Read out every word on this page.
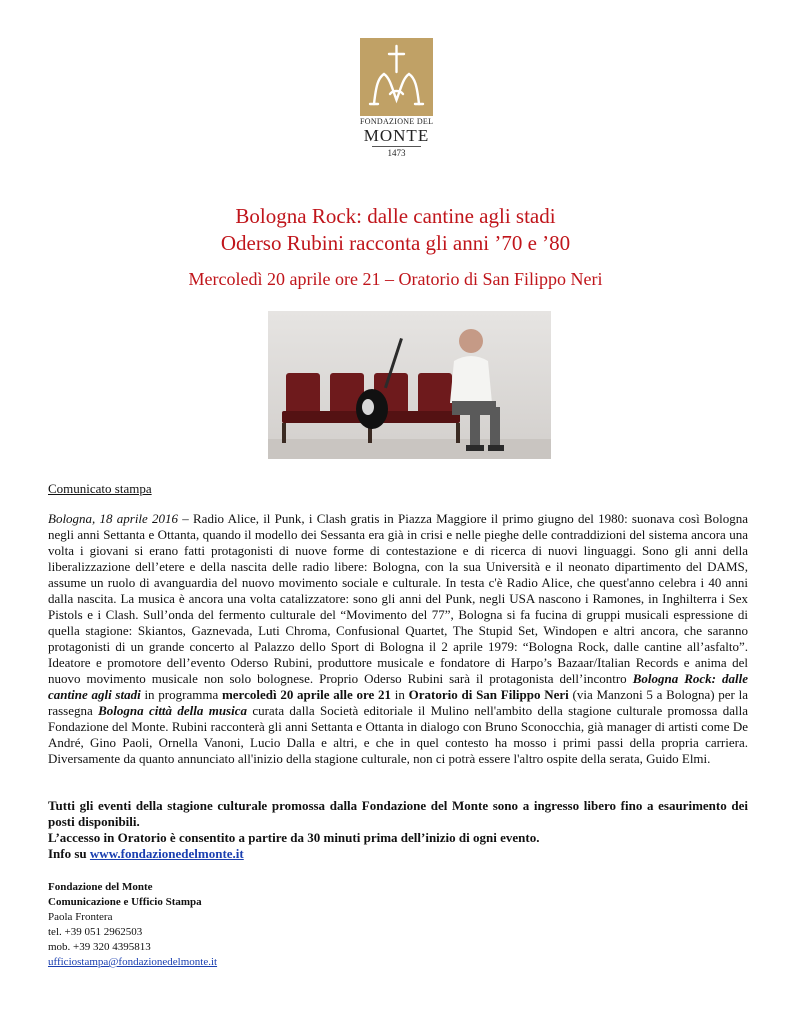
FONDAZIONE DEL
MONTE
1473
Bologna Rock: dalle cantine agli stadi
Oderso Rubini racconta gli anni ’70 e ’80
Mercoledì 20 aprile ore 21 – Oratorio di San Filippo Neri
Comunicato stampa

Bologna, 18 aprile 2016 – Radio Alice, il Punk, i Clash gratis in Piazza Maggiore il primo giugno del 1980: suonava così Bologna negli anni Settanta e Ottanta, quando il modello dei Sessanta era già in crisi e nelle pieghe delle contraddizioni del sistema ancora una volta i giovani si erano fatti protagonisti di nuove forme di contestazione e di ricerca di nuovi linguaggi. Sono gli anni della liberalizzazione dell’etere e della nascita delle radio libere: Bologna, con la sua Università e il neonato dipartimento del DAMS, assume un ruolo di avanguardia del nuovo movimento sociale e culturale. In testa c'è Radio Alice, che quest'anno celebra i 40 anni dalla nascita. La musica è ancora una volta catalizzatore: sono gli anni del Punk, negli USA nascono i Ramones, in Inghilterra i Sex Pistols e i Clash. Sull’onda del fermento culturale del “Movimento del 77”, Bologna si fa fucina di gruppi musicali espressione di quella stagione: Skiantos, Gaznevada, Luti Chroma, Confusional Quartet, The Stupid Set, Windopen e altri ancora, che saranno protagonisti di un grande concerto al Palazzo dello Sport di Bologna il 2 aprile 1979: “Bologna Rock, dalle cantine all’asfalto”. Ideatore e promotore dell’evento Oderso Rubini, produttore musicale e fondatore di Harpo’s Bazaar/Italian Records e anima del nuovo movimento musicale non solo bolognese. Proprio Oderso Rubini sarà il protagonista dell’incontro Bologna Rock: dalle cantine agli stadi in programma mercoledì 20 aprile alle ore 21 in Oratorio di San Filippo Neri (via Manzoni 5 a Bologna) per la rassegna Bologna città della musica curata dalla Società editoriale il Mulino nell'ambito della stagione culturale promossa dalla Fondazione del Monte. Rubini racconterà gli anni Settanta e Ottanta in dialogo con Bruno Sconocchia, già manager di artisti come De André, Gino Paoli, Ornella Vanoni, Lucio Dalla e altri, e che in quel contesto ha mosso i primi passi della propria carriera. Diversamente da quanto annunciato all'inizio della stagione culturale, non ci potrà essere l'altro ospite della serata, Guido Elmi.

Tutti gli eventi della stagione culturale promossa dalla Fondazione del Monte sono a ingresso libero fino a esaurimento dei posti disponibili.

L’accesso in Oratorio è consentito a partire da 30 minuti prima dell’inizio di ogni evento.

Info su www.fondazionedelmonte.it

Fondazione del Monte
Comunicazione e Ufficio Stampa
Paola Frontera
tel. +39 051 2962503
mob. +39 320 4395813
ufficiostampa@fondazionedelmonte.it
